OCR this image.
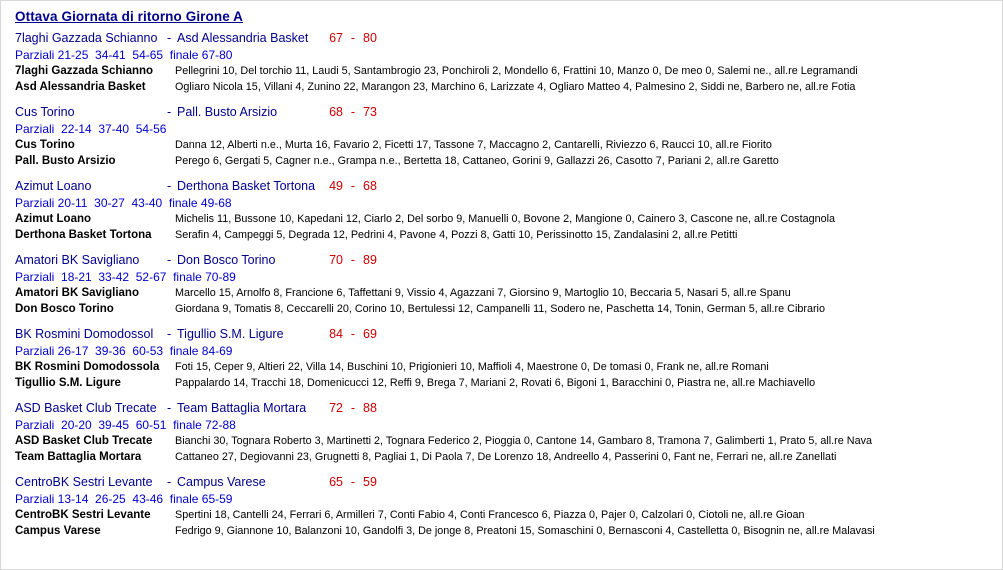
Ottava Giornata di ritorno Girone A
7laghi Gazzada Schianno - Asd Alessandria Basket	67 - 80
Parziali 21-25  34-41  54-65  finale 67-80
7laghi Gazzada Schianno	Pellegrini 10, Del torchio 11, Laudi 5, Santambrogio 23, Ponchiroli 2, Mondello 6, Frattini 10, Manzo 0, De meo 0, Salemi ne., all.re Legramandi
Asd Alessandria Basket	Ogliaro Nicola 15, Villani 4, Zunino 22, Marangon 23, Marchino 6, Larizzate 4, Ogliaro Matteo 4, Palmesino 2, Siddi ne, Barbero ne, all.re Fotia
Cus Torino	- Pall. Busto Arsizio	68 - 73
Parziali  22-14  37-40  54-56
Cus Torino	Danna 12, Alberti n.e., Murta 16, Favario 2, Ficetti 17, Tassone 7, Maccagno 2, Cantarelli, Riviezzo 6, Raucci 10, all.re Fiorito
Pall. Busto Arsizio	Perego 6, Gergati 5, Cagner n.e., Grampa n.e., Bertetta 18, Cattaneo, Gorini 9, Gallazzi 26, Casotto 7, Pariani 2, all.re Garetto
Azimut Loano	- Derthona Basket Tortona	49 - 68
Parziali 20-11  30-27  43-40  finale 49-68
Azimut Loano	Michelis 11, Bussone 10, Kapedani 12, Ciarlo 2, Del sorbo 9, Manuelli 0, Bovone 2, Mangione 0, Cainero 3, Cascone ne, all.re Costagnola
Derthona Basket Tortona	Serafin 4, Campeggi 5, Degrada 12, Pedrini 4, Pavone 4, Pozzi 8, Gatti 10, Perissinotto 15, Zandalasini 2, all.re Petitti
Amatori BK Savigliano	- Don Bosco Torino	70 - 89
Parziali  18-21  33-42  52-67  finale 70-89
Amatori BK Savigliano	Marcello 15, Arnolfo 8, Francione 6, Taffettani 9, Vissio 4, Agazzani 7, Giorsino 9, Martoglio 10, Beccaria 5, Nasari 5, all.re Spanu
Don Bosco Torino	Giordana 9, Tomatis 8, Ceccarelli 20, Corino 10, Bertulessi 12, Campanelli 11, Sodero ne, Paschetta 14, Tonin, German 5, all.re Cibrario
BK Rosmini Domodossol	- Tigullio S.M. Ligure	84 - 69
Parziali 26-17  39-36  60-53  finale 84-69
BK Rosmini Domodossola	Foti 15, Ceper 9, Altieri 22, Villa 14, Buschini 10, Prigionieri 10, Maffioli 4, Maestrone 0, De tomasi 0, Frank ne, all.re Romani
Tigullio S.M. Ligure	Pappalardo 14, Tracchi 18, Domenicucci 12, Reffi 9, Brega 7, Mariani 2, Rovati 6, Bigoni 1, Baracchini 0, Piastra ne, all.re Machiavello
ASD Basket Club Trecate - Team Battaglia Mortara	72 - 88
Parziali  20-20  39-45  60-51  finale 72-88
ASD Basket Club Trecate	Bianchi 30, Tognara Roberto 3, Martinetti 2, Tognara Federico 2, Pioggia 0, Cantone 14, Gambaro 8, Tramona 7, Galimberti 1, Prato 5, all.re Nava
Team Battaglia Mortara	Cattaneo 27, Degiovanni 23, Grugnetti 8, Pagliai 1, Di Paola 7, De Lorenzo 18, Andreello 4, Passerini 0, Fant ne, Ferrari ne, all.re Zanellati
CentroBK Sestri Levante	- Campus Varese	65 - 59
Parziali 13-14  26-25  43-46  finale 65-59
CentroBK Sestri Levante	Spertini 18, Cantelli 24, Ferrari 6, Armilleri 7, Conti Fabio 4, Conti Francesco 6, Piazza 0, Pajer 0, Calzolari 0, Ciotoli ne, all.re Gioan
Campus Varese	Fedrigo 9, Giannone 10, Balanzoni 10, Gandolfi 3, De jonge 8, Preatoni 15, Somaschini 0, Bernasconi 4, Castelletta 0, Bisognin ne, all.re Malavasi
